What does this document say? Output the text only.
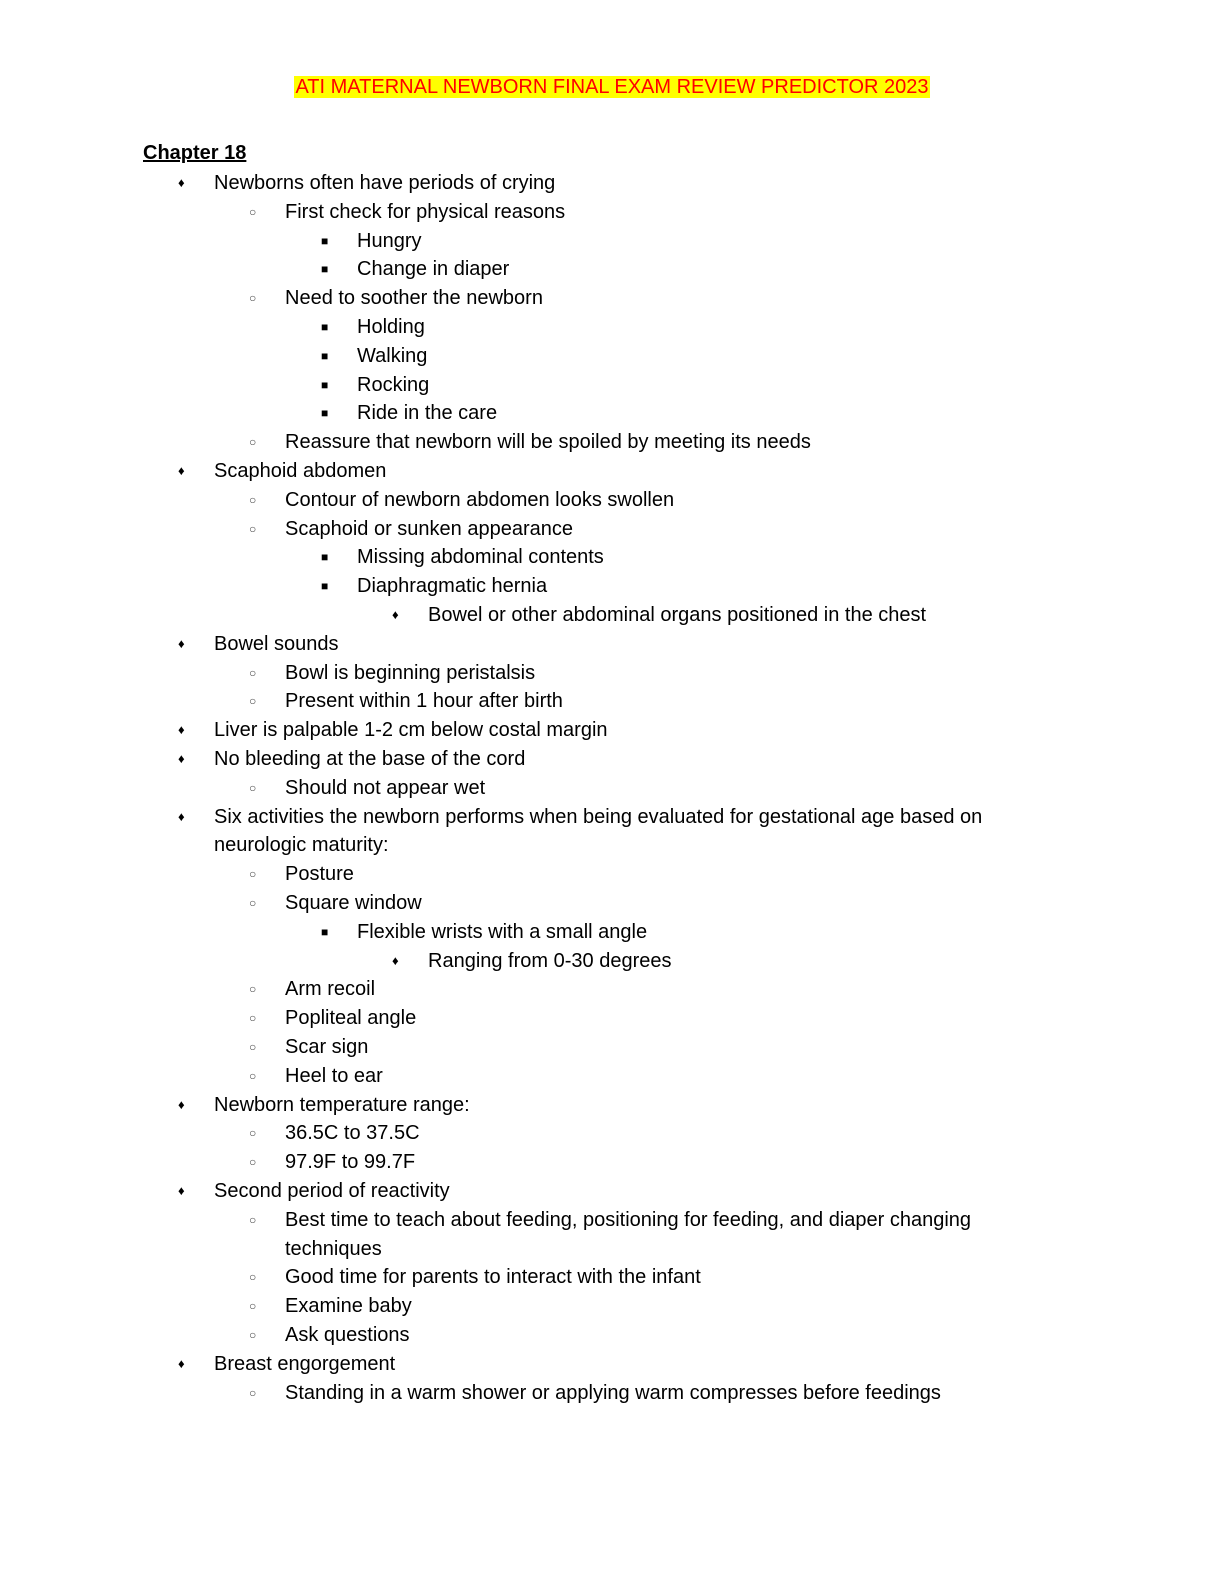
ATI MATERNAL NEWBORN FINAL EXAM REVIEW PREDICTOR 2023
Chapter 18
♦ Newborns often have periods of crying
○ First check for physical reasons
■ Hungry
■ Change in diaper
○ Need to soother the newborn
■ Holding
■ Walking
■ Rocking
■ Ride in the care
○ Reassure that newborn will be spoiled by meeting its needs
♦ Scaphoid abdomen
○ Contour of newborn abdomen looks swollen
○ Scaphoid or sunken appearance
■ Missing abdominal contents
■ Diaphragmatic hernia
♦ Bowel or other abdominal organs positioned in the chest
♦ Bowel sounds
○ Bowl is beginning peristalsis
○ Present within 1 hour after birth
♦ Liver is palpable 1-2 cm below costal margin
♦ No bleeding at the base of the cord
○ Should not appear wet
♦ Six activities the newborn performs when being evaluated for gestational age based on
neurologic maturity:
○ Posture
○ Square window
■ Flexible wrists with a small angle
♦ Ranging from 0-30 degrees
○ Arm recoil
○ Popliteal angle
○ Scar sign
○ Heel to ear
♦ Newborn temperature range:
○ 36.5C to 37.5C
○ 97.9F to 99.7F
♦ Second period of reactivity
○ Best time to teach about feeding, positioning for feeding, and diaper changing
techniques
○ Good time for parents to interact with the infant
○ Examine baby
○ Ask questions
♦ Breast engorgement
○ Standing in a warm shower or applying warm compresses before feedings
